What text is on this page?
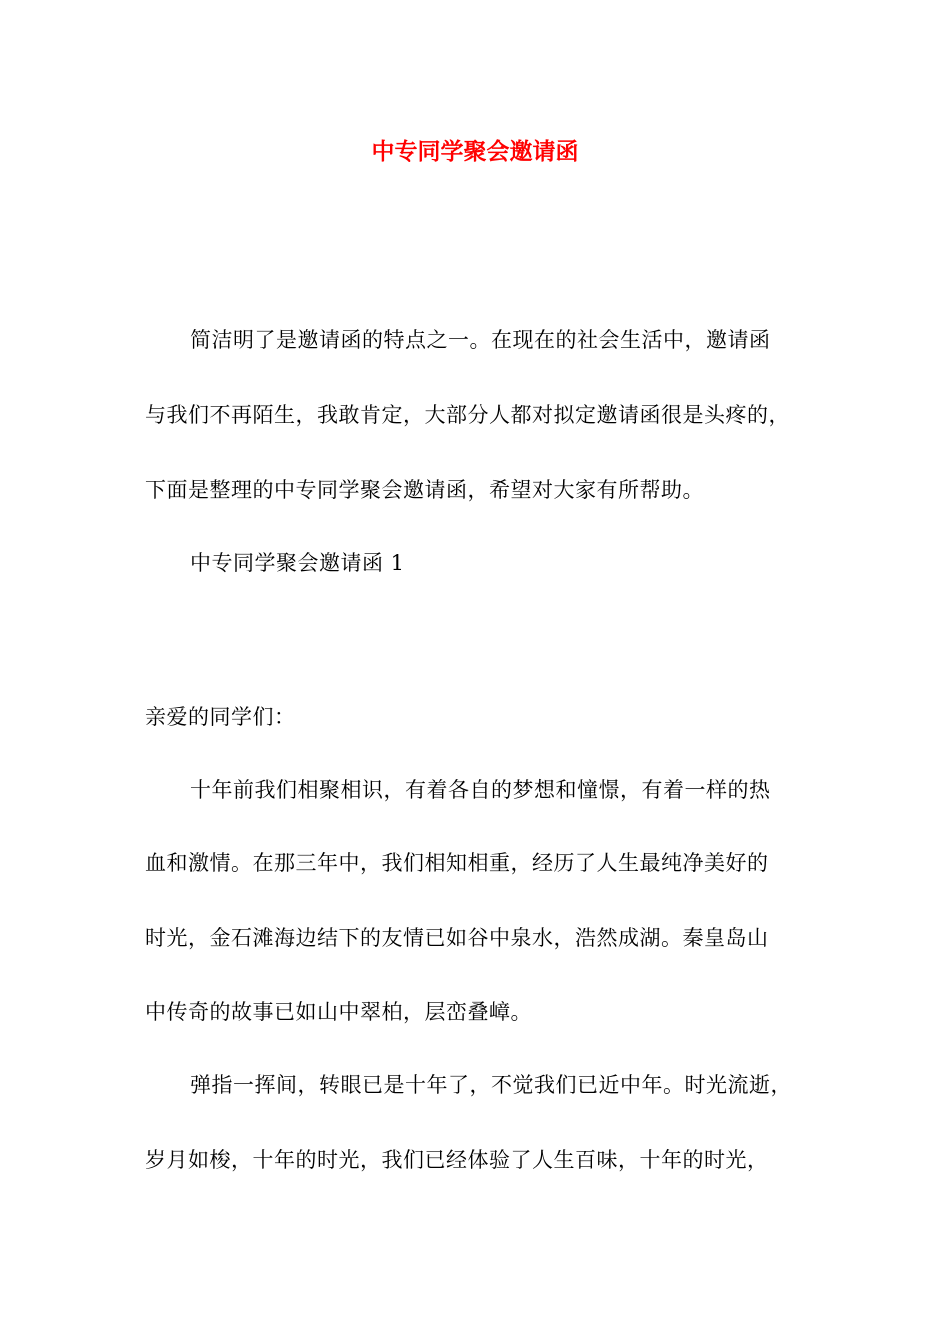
中专同学聚会邀请函
简洁明了是邀请函的特点之一。在现在的社会生活中，邀请函
与我们不再陌生，我敢肯定，大部分人都对拟定邀请函很是头疼的，
下面是整理的中专同学聚会邀请函，希望对大家有所帮助。
中专同学聚会邀请函 1
亲爱的同学们：
十年前我们相聚相识，有着各自的梦想和憧憬，有着一样的热
血和激情。在那三年中，我们相知相重，经历了人生最纯净美好的
时光，金石滩海边结下的友情已如谷中泉水，浩然成湖。秦皇岛山
中传奇的故事已如山中翠柏，层峦叠嶂。
弹指一挥间，转眼已是十年了，不觉我们已近中年。时光流逝，
岁月如梭，十年的时光，我们已经体验了人生百味，十年的时光，
